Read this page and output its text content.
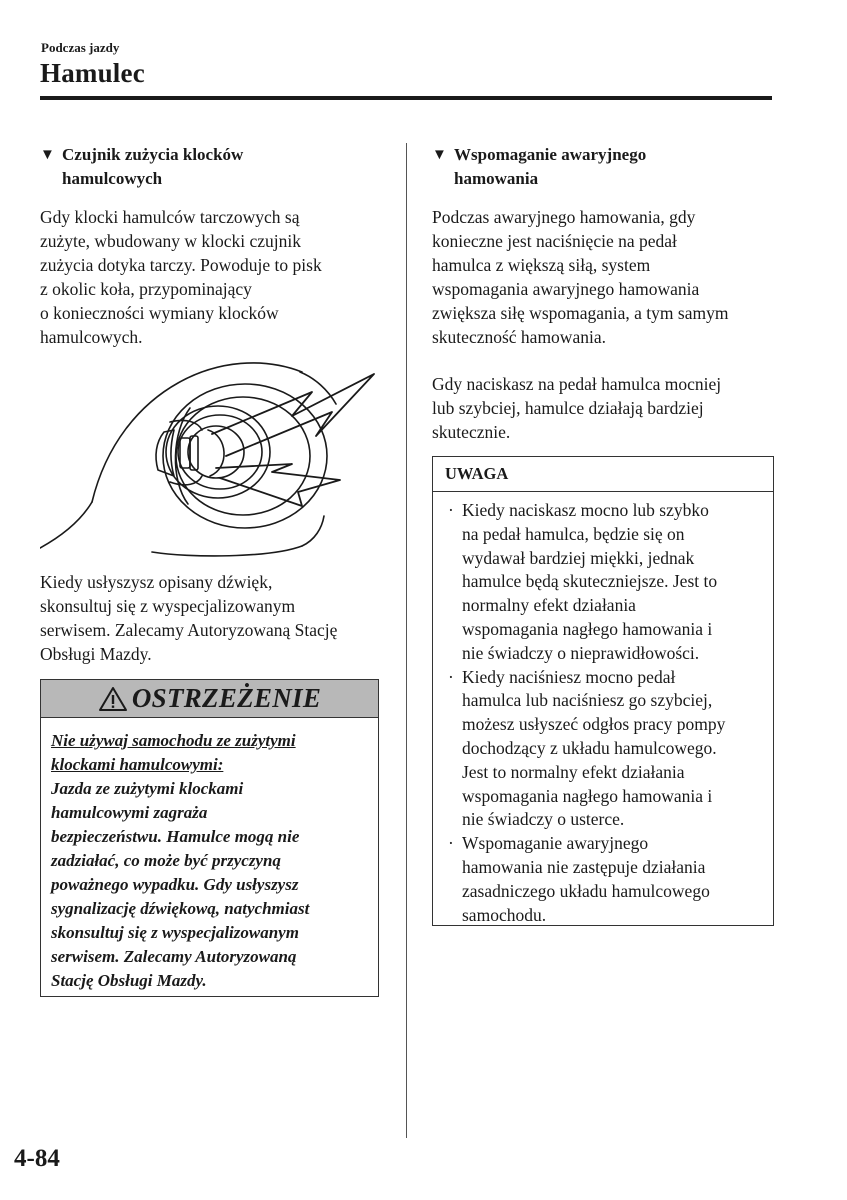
Podczas jazdy
Hamulec
▼ Czujnik zużycia klocków
hamulcowych

Gdy klocki hamulców tarczowych są
zużyte, wbudowany w klocki czujnik
zużycia dotyka tarczy. Powoduje to pisk
z okolic koła, przypominający
o konieczności wymiany klocków
hamulcowych.

Kiedy usłyszysz opisany dźwięk,
skonsultuj się z wyspecjalizowanym
serwisem. Zalecamy Autoryzowaną Stację
Obsługi Mazdy.

OSTRZEŻENIE
Nie używaj samochodu ze zużytymi
klockami hamulcowymi:
Jazda ze zużytymi klockami
hamulcowymi zagraża
bezpieczeństwu. Hamulce mogą nie
zadziałać, co może być przyczyną
poważnego wypadku. Gdy usłyszysz
sygnalizację dźwiękową, natychmiast
skonsultuj się z wyspecjalizowanym
serwisem. Zalecamy Autoryzowaną
Stację Obsługi Mazdy.
▼ Wspomaganie awaryjnego
hamowania

Podczas awaryjnego hamowania, gdy
konieczne jest naciśnięcie na pedał
hamulca z większą siłą, system
wspomagania awaryjnego hamowania
zwiększa siłę wspomagania, a tym samym
skuteczność hamowania.

Gdy naciskasz na pedał hamulca mocniej
lub szybciej, hamulce działają bardziej
skutecznie.

UWAGA
· Kiedy naciskasz mocno lub szybko
na pedał hamulca, będzie się on
wydawał bardziej miękki, jednak
hamulce będą skuteczniejsze. Jest to
normalny efekt działania
wspomagania nagłego hamowania i
nie świadczy o nieprawidłowości.
· Kiedy naciśniesz mocno pedał
hamulca lub naciśniesz go szybciej,
możesz usłyszeć odgłos pracy pompy
dochodzący z układu hamulcowego.
Jest to normalny efekt działania
wspomagania nagłego hamowania i
nie świadczy o usterce.
· Wspomaganie awaryjnego
hamowania nie zastępuje działania
zasadniczego układu hamulcowego
samochodu.
4-84
